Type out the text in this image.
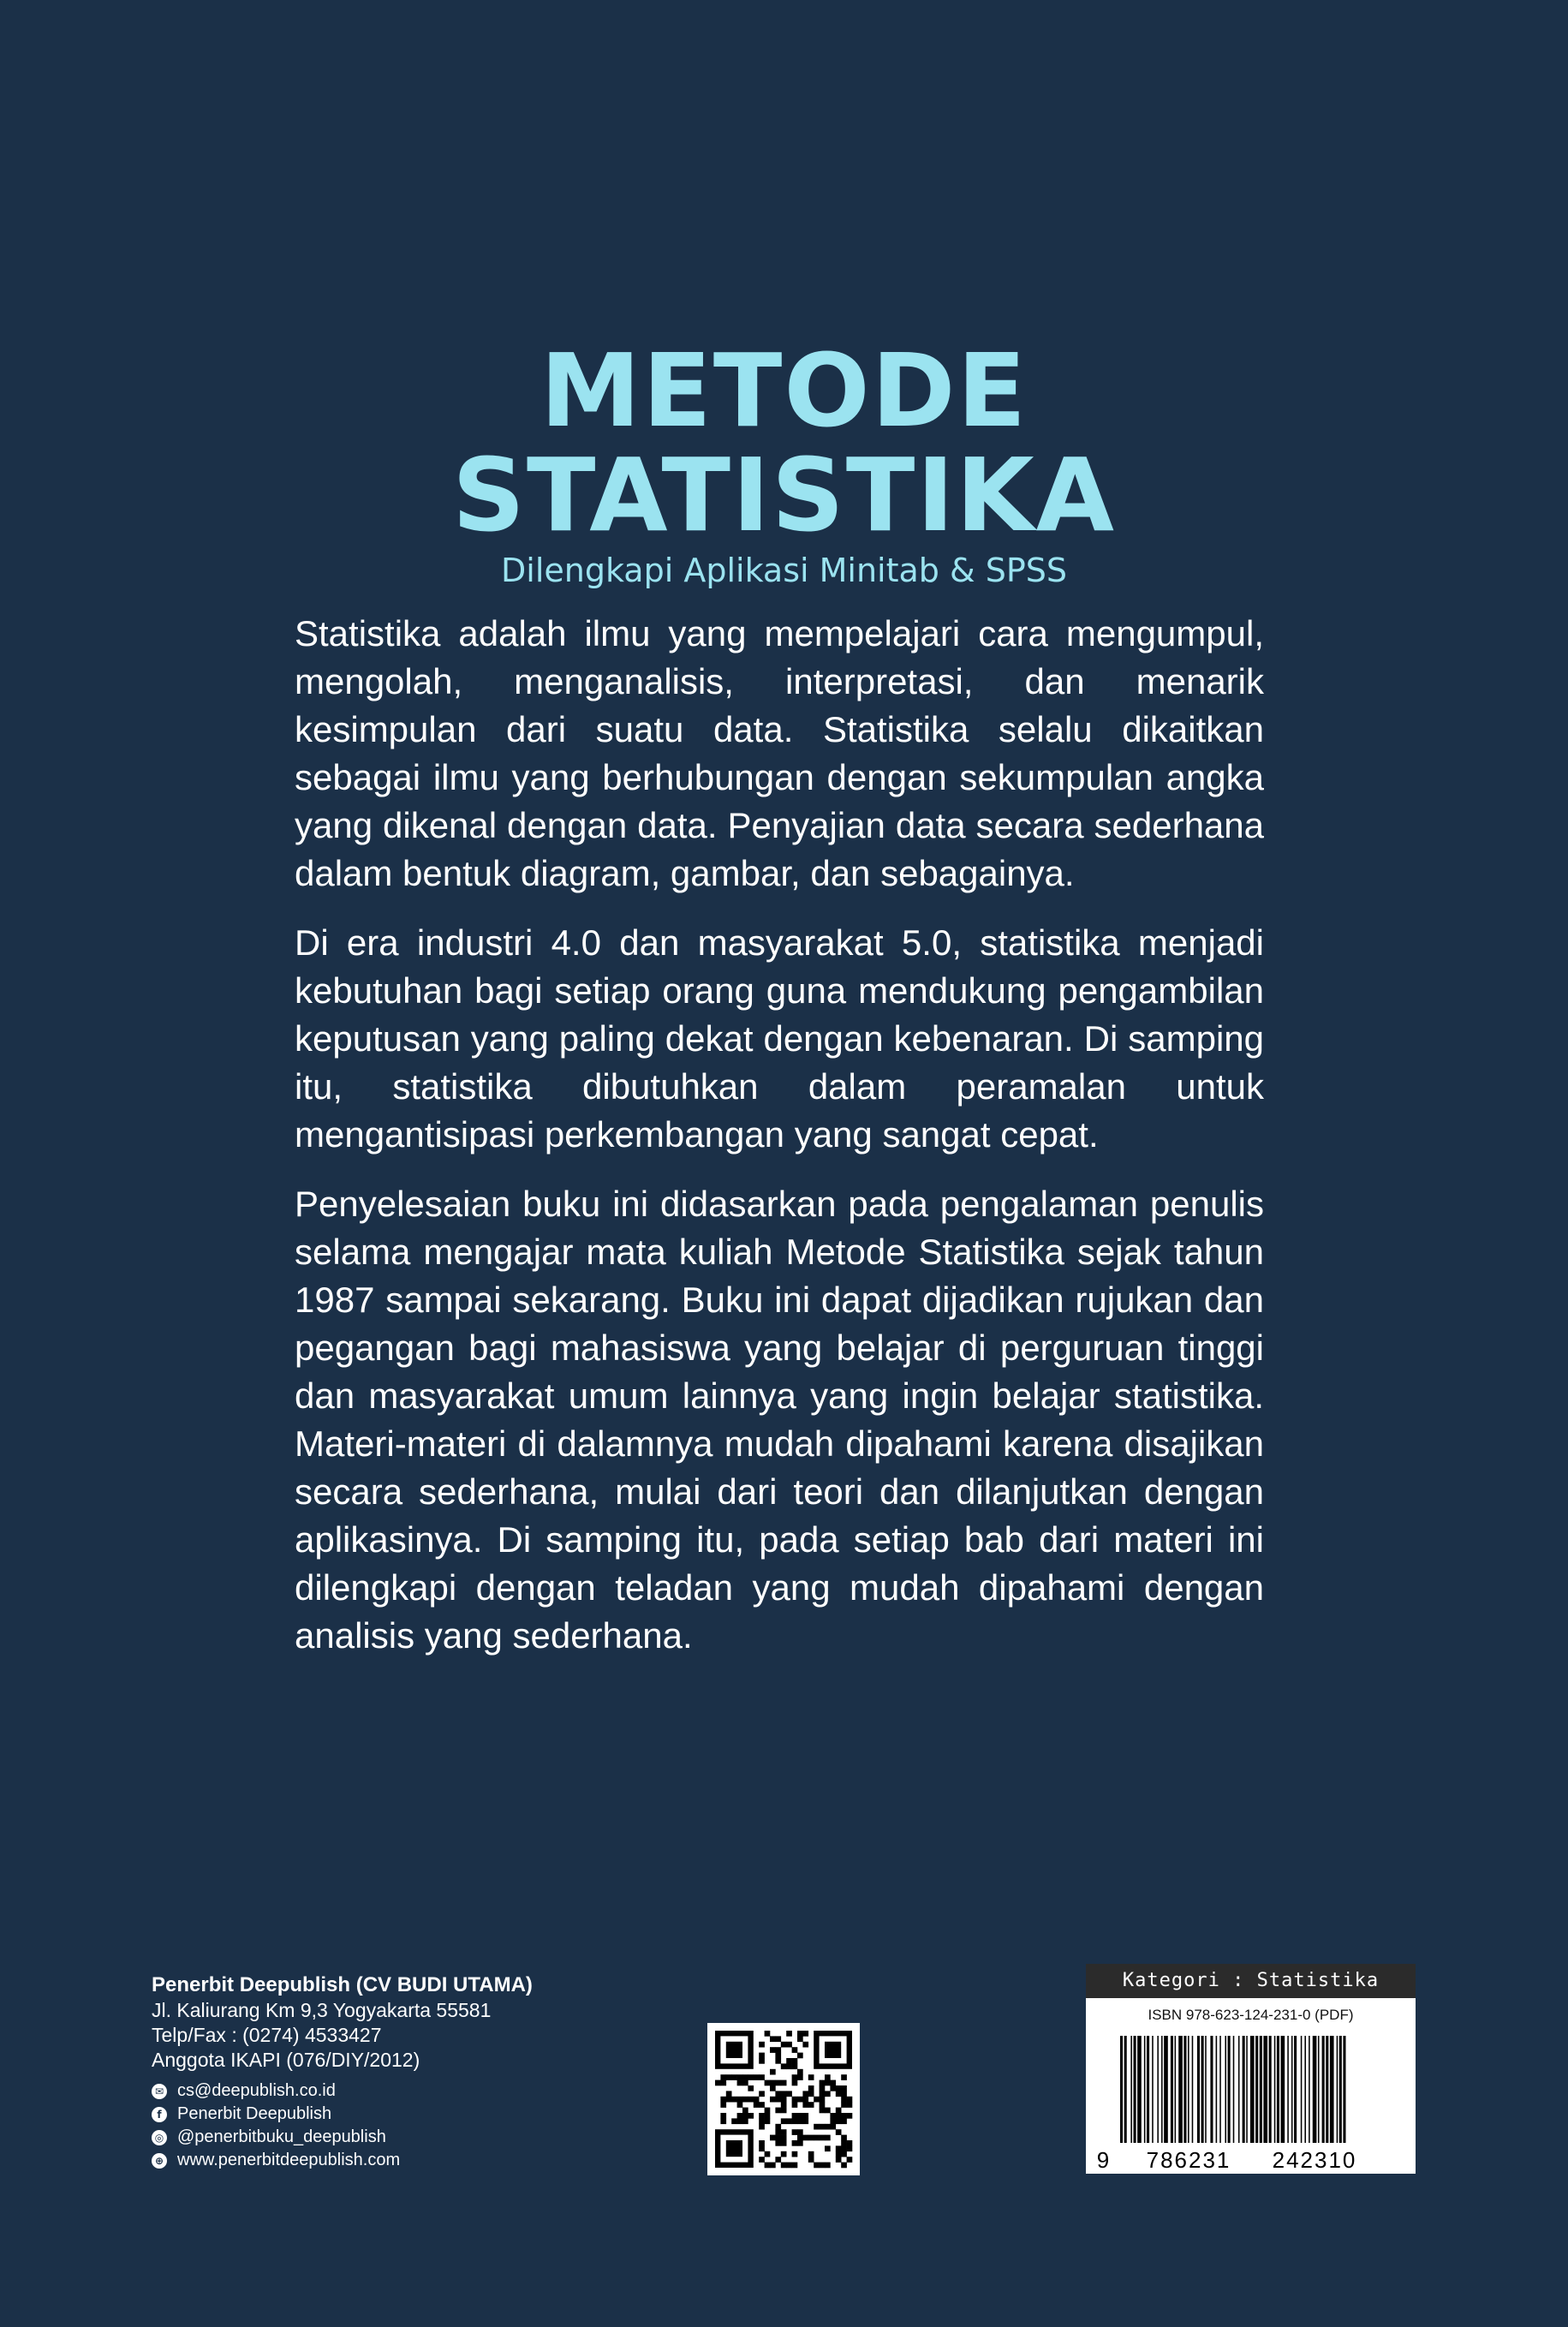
METODE
STATISTIKA
Dilengkapi Aplikasi Minitab & SPSS

Statistika adalah ilmu yang mempelajari cara mengumpul, mengolah, menganalisis, interpretasi, dan menarik kesimpulan dari suatu data. Statistika selalu dikaitkan sebagai ilmu yang berhubungan dengan sekumpulan angka yang dikenal dengan data. Penyajian data secara sederhana dalam bentuk diagram, gambar, dan sebagainya.

Di era industri 4.0 dan masyarakat 5.0, statistika menjadi kebutuhan bagi setiap orang guna mendukung pengambilan keputusan yang paling dekat dengan kebenaran. Di samping itu, statistika dibutuhkan dalam peramalan untuk mengantisipasi perkembangan yang sangat cepat.

Penyelesaian buku ini didasarkan pada pengalaman penulis selama mengajar mata kuliah Metode Statistika sejak tahun 1987 sampai sekarang. Buku ini dapat dijadikan rujukan dan pegangan bagi mahasiswa yang belajar di perguruan tinggi dan masyarakat umum lainnya yang ingin belajar statistika. Materi-materi di dalamnya mudah dipahami karena disajikan secara sederhana, mulai dari teori dan dilanjutkan dengan aplikasinya. Di samping itu, pada setiap bab dari materi ini dilengkapi dengan teladan yang mudah dipahami dengan analisis yang sederhana.

Penerbit Deepublish (CV BUDI UTAMA)
Jl. Kaliurang Km 9,3 Yogyakarta 55581
Telp/Fax : (0274) 4533427
Anggota IKAPI (076/DIY/2012)
✉ cs@deepublish.co.id
f Penerbit Deepublish
◎ @penerbitbuku_deepublish
⊕ www.penerbitdeepublish.com
Kategori : Statistika
ISBN 978-623-124-231-0 (PDF)
9 786231 242310
